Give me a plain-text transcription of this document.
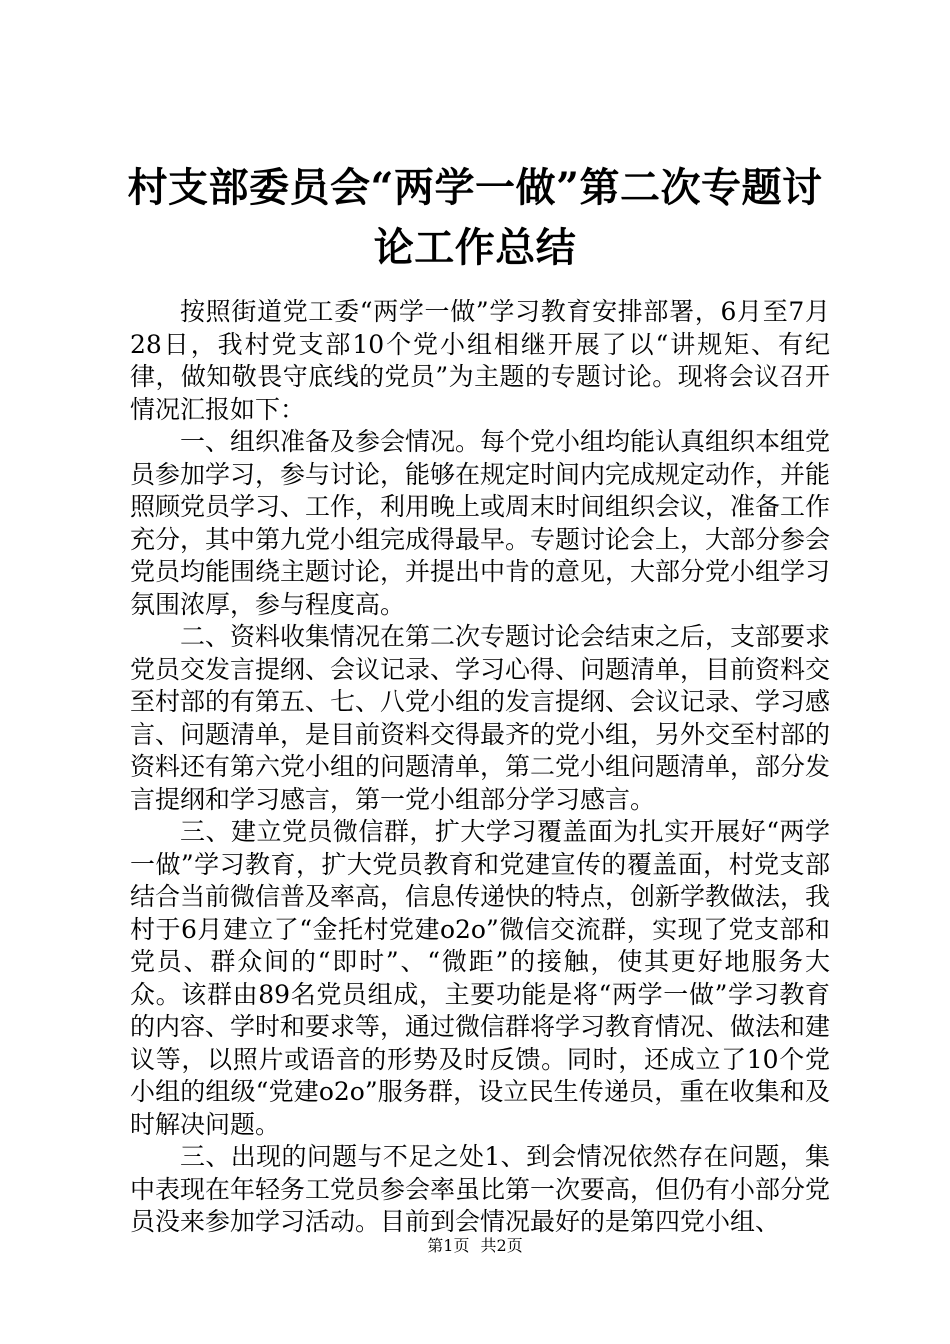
村支部委员会“两学一做”第二次专题讨论工作总结

按照街道党工委“两学一做”学习教育安排部署，6月至7月28日，我村党支部10个党小组相继开展了以“讲规矩、有纪律，做知敬畏守底线的党员”为主题的专题讨论。现将会议召开情况汇报如下：

一、组织准备及参会情况。每个党小组均能认真组织本组党员参加学习，参与讨论，能够在规定时间内完成规定动作，并能照顾党员学习、工作，利用晚上或周末时间组织会议，准备工作充分，其中第九党小组完成得最早。专题讨论会上，大部分参会党员均能围绕主题讨论，并提出中肯的意见，大部分党小组学习氛围浓厚，参与程度高。

二、资料收集情况在第二次专题讨论会结束之后，支部要求党员交发言提纲、会议记录、学习心得、问题清单，目前资料交至村部的有第五、七、八党小组的发言提纲、会议记录、学习感言、问题清单，是目前资料交得最齐的党小组，另外交至村部的资料还有第六党小组的问题清单，第二党小组问题清单，部分发言提纲和学习感言，第一党小组部分学习感言。

三、建立党员微信群，扩大学习覆盖面为扎实开展好“两学一做”学习教育，扩大党员教育和党建宣传的覆盖面，村党支部结合当前微信普及率高，信息传递快的特点，创新学教做法，我村于6月建立了“金托村党建o2o”微信交流群，实现了党支部和党员、群众间的“即时”、“微距”的接触，使其更好地服务大众。该群由89名党员组成，主要功能是将“两学一做”学习教育的内容、学时和要求等，通过微信群将学习教育情况、做法和建议等，以照片或语音的形势及时反馈。同时，还成立了10个党小组的组级“党建o2o”服务群，设立民生传递员，重在收集和及时解决问题。

三、出现的问题与不足之处1、到会情况依然存在问题，集中表现在年轻务工党员参会率虽比第一次要高，但仍有小部分党员没来参加学习活动。目前到会情况最好的是第四党小组、

第1页 共2页
